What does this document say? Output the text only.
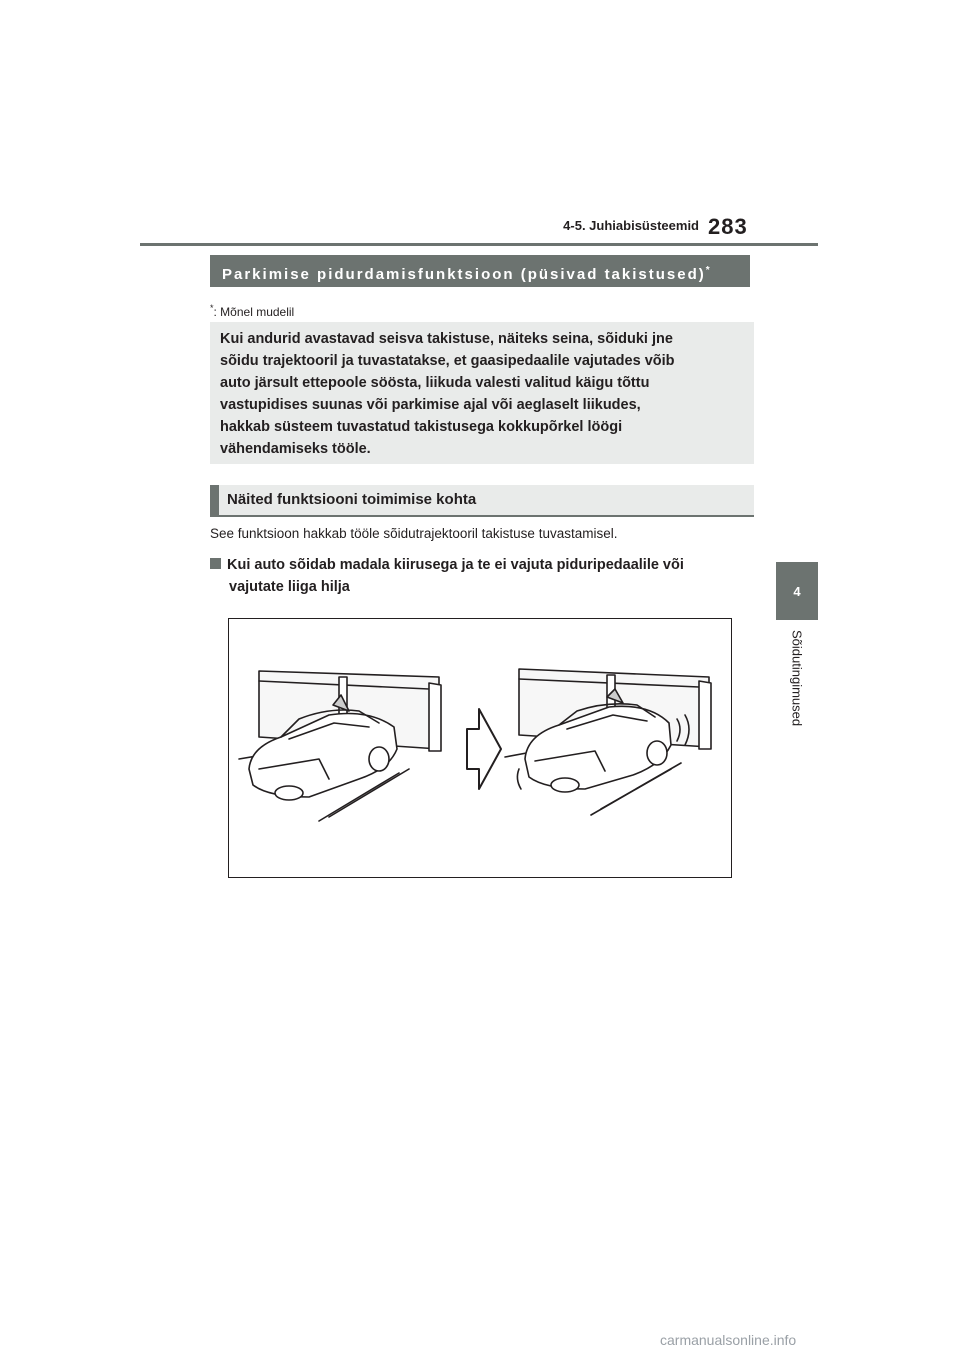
4-5. Juhiabisüsteemid 283
4
Sõidutingimused
Parkimise pidurdamisfunktsioon (püsivad takistused)*
*: Mõnel mudelil
Kui andurid avastavad seisva takistuse, näiteks seina, sõiduki jne
sõidu trajektooril ja tuvastatakse, et gaasipedaalile vajutades võib
auto järsult ettepoole söösta, liikuda valesti valitud käigu tõttu
vastupidises suunas või parkimise ajal või aeglaselt liikudes,
hakkab süsteem tuvastatud takistusega kokkupõrkel löögi
vähendamiseks tööle.
Näited funktsiooni toimimise kohta
See funktsioon hakkab tööle sõidutrajektooril takistuse tuvastamisel.
Kui auto sõidab madala kiirusega ja te ei vajuta piduripedaalile või
vajutate liiga hilja
carmanualsonline.info
